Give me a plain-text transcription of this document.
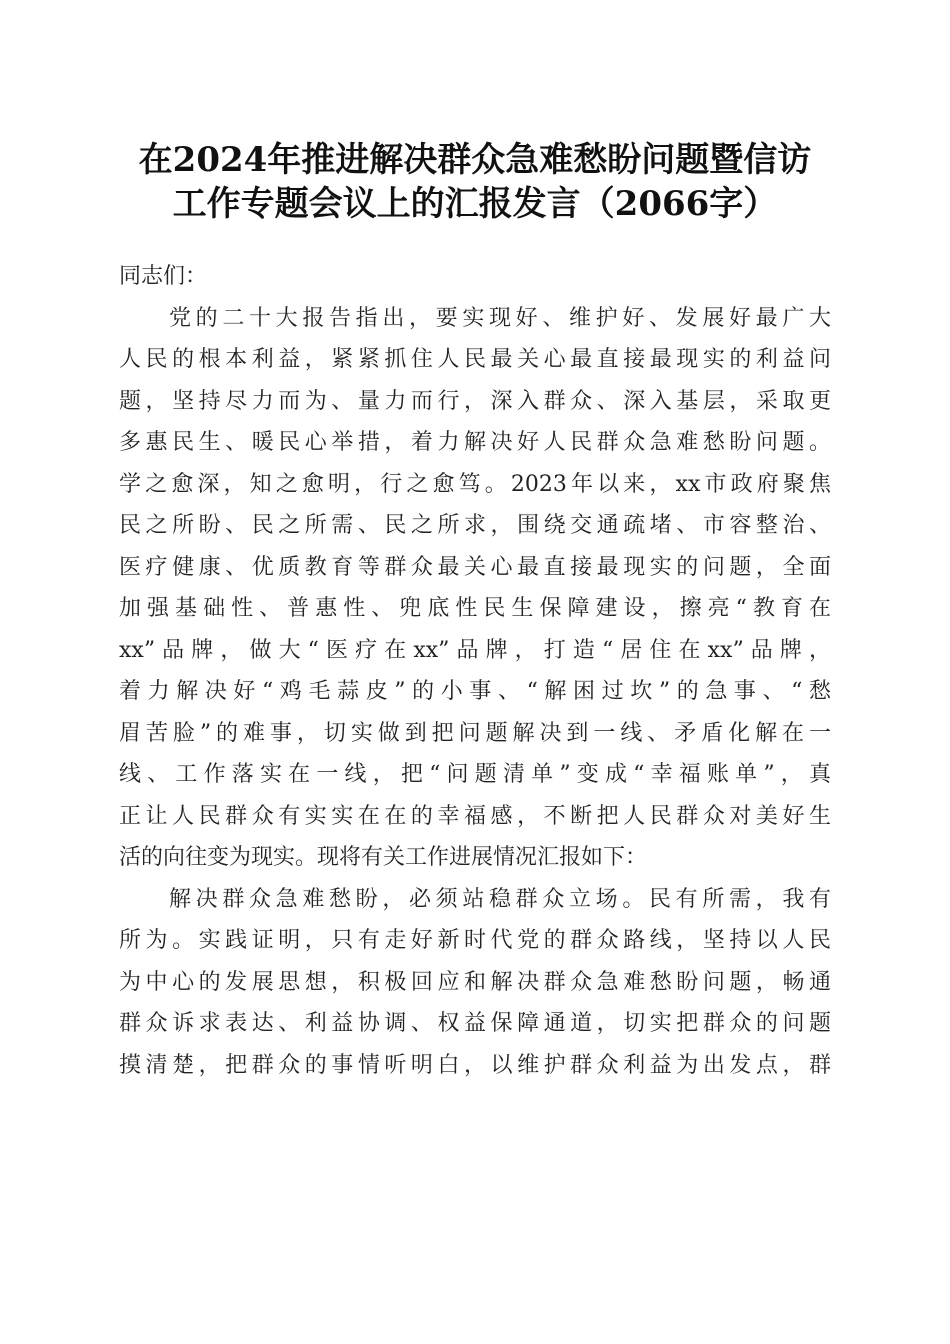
在2024年推进解决群众急难愁盼问题暨信访
工作专题会议上的汇报发言（2066字）
同志们：
党的二十大报告指出，要实现好、维护好、发展好最广大
人民的根本利益，紧紧抓住人民最关心最直接最现实的利益问
题，坚持尽力而为、量力而行，深入群众、深入基层，采取更
多惠民生、暖民心举措，着力解决好人民群众急难愁盼问题。
学之愈深，知之愈明，行之愈笃。2023年以来，xx市政府聚焦
民之所盼、民之所需、民之所求，围绕交通疏堵、市容整治、
医疗健康、优质教育等群众最关心最直接最现实的问题，全面
加强基础性、普惠性、兜底性民生保障建设，擦亮“教育在
xx”品牌，做大“医疗在xx”品牌，打造“居住在xx”品牌，
着力解决好“鸡毛蒜皮”的小事、“解困过坎”的急事、“愁
眉苦脸”的难事，切实做到把问题解决到一线、矛盾化解在一
线、工作落实在一线，把“问题清单”变成“幸福账单”，真
正让人民群众有实实在在的幸福感，不断把人民群众对美好生
活的向往变为现实。现将有关工作进展情况汇报如下：
解决群众急难愁盼，必须站稳群众立场。民有所需，我有
所为。实践证明，只有走好新时代党的群众路线，坚持以人民
为中心的发展思想，积极回应和解决群众急难愁盼问题，畅通
群众诉求表达、利益协调、权益保障通道，切实把群众的问题
摸清楚，把群众的事情听明白，以维护群众利益为出发点，群
